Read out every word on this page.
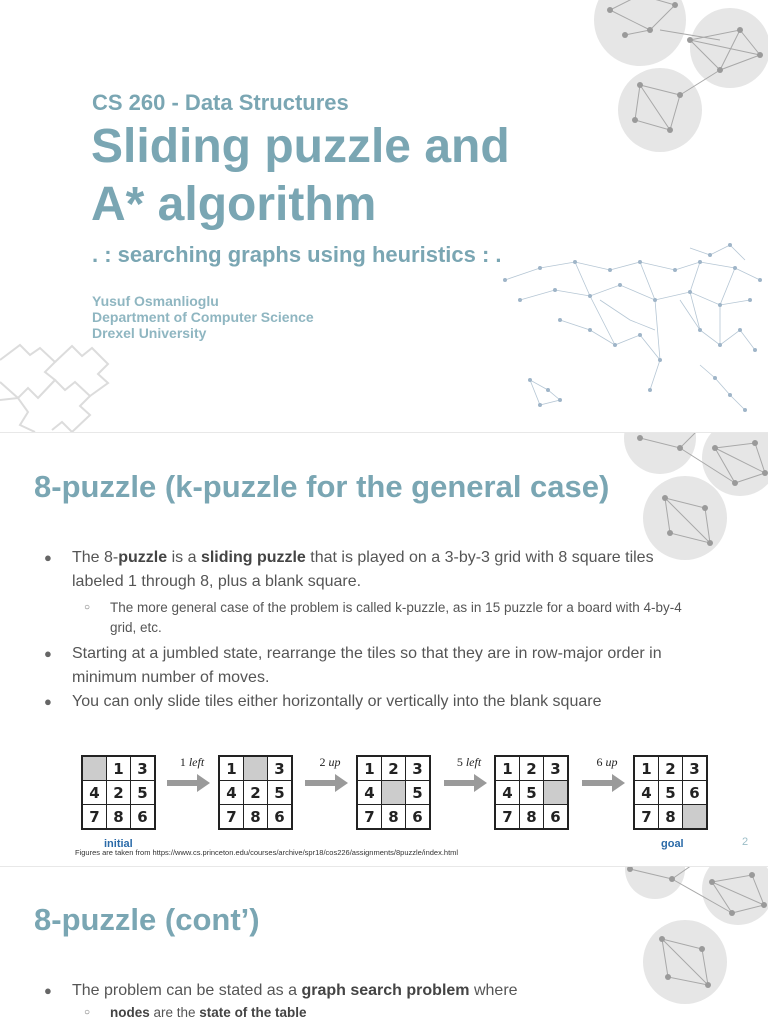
CS 260 - Data Structures
Sliding puzzle and
A* algorithm
. : searching graphs using heuristics : .
Yusuf Osmanlioglu
Department of Computer Science
Drexel University
8-puzzle (k-puzzle for the general case)
● The 8-puzzle is a sliding puzzle that is played on a 3-by-3 grid with 8 square tiles labeled 1 through 8, plus a blank square.
○ The more general case of the problem is called k-puzzle, as in 15 puzzle for a board with 4-by-4 grid, etc.
● Starting at a jumbled state, rearrange the tiles so that they are in row-major order in minimum number of moves.
● You can only slide tiles either horizontally or vertically into the blank square
	1	3
4	2	5
7	8	6
1		3
4	2	5
7	8	6
1	2	3
4		5
7	8	6
1	2	3
4	5	
7	8	6
1	2	3
4	5	6
7	8	
1 left	2 up	5 left	6 up
initial	goal
Figures are taken from https://www.cs.princeton.edu/courses/archive/spr18/cos226/assignments/8puzzle/index.html
2
8-puzzle (cont’)
● The problem can be stated as a graph search problem where
○ nodes are the state of the table
